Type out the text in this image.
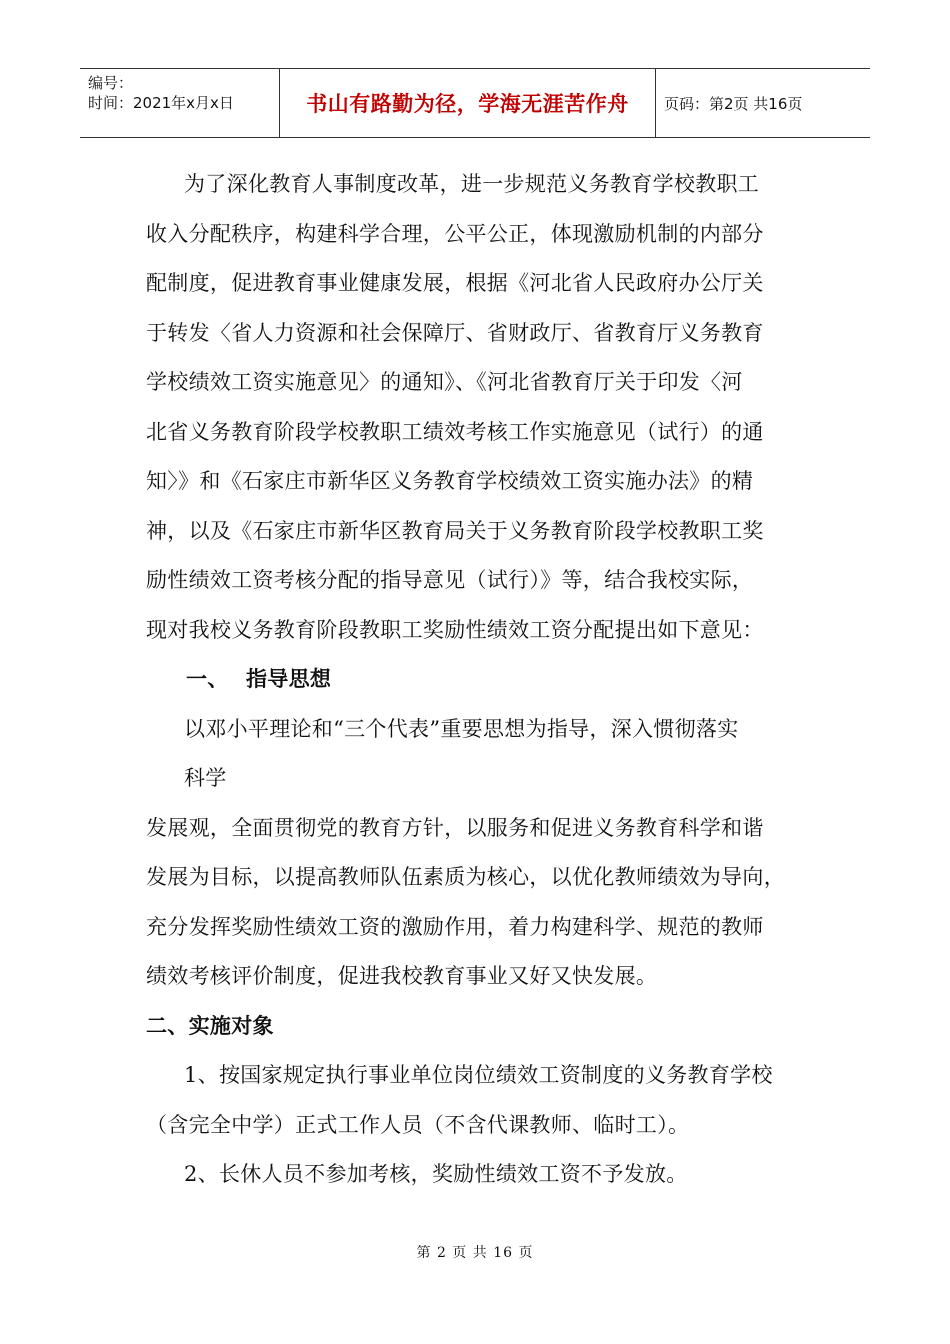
编号：
时间：2021年x月x日	书山有路勤为径，学海无涯苦作舟	页码：第2页 共16页
为了深化教育人事制度改革，进一步规范义务教育学校教职工
收入分配秩序，构建科学合理，公平公正，体现激励机制的内部分
配制度，促进教育事业健康发展，根据《河北省人民政府办公厅关
于转发〈省人力资源和社会保障厅、省财政厅、省教育厅义务教育
学校绩效工资实施意见〉的通知》、《河北省教育厅关于印发〈河
北省义务教育阶段学校教职工绩效考核工作实施意见（试行）的通
知〉》和《石家庄市新华区义务教育学校绩效工资实施办法》的精
神，以及《石家庄市新华区教育局关于义务教育阶段学校教职工奖
励性绩效工资考核分配的指导意见（试行）》等，结合我校实际，
现对我校义务教育阶段教职工奖励性绩效工资分配提出如下意见：
一、 指导思想
以邓小平理论和“三个代表”重要思想为指导，深入惯彻落实
科学
发展观，全面贯彻党的教育方针，以服务和促进义务教育科学和谐
发展为目标，以提高教师队伍素质为核心，以优化教师绩效为导向，
充分发挥奖励性绩效工资的激励作用，着力构建科学、规范的教师
绩效考核评价制度，促进我校教育事业又好又快发展。
二、实施对象
1、按国家规定执行事业单位岗位绩效工资制度的义务教育学校
（含完全中学）正式工作人员（不含代课教师、临时工）。
2、长休人员不参加考核，奖励性绩效工资不予发放。
第 2 页 共 16 页
